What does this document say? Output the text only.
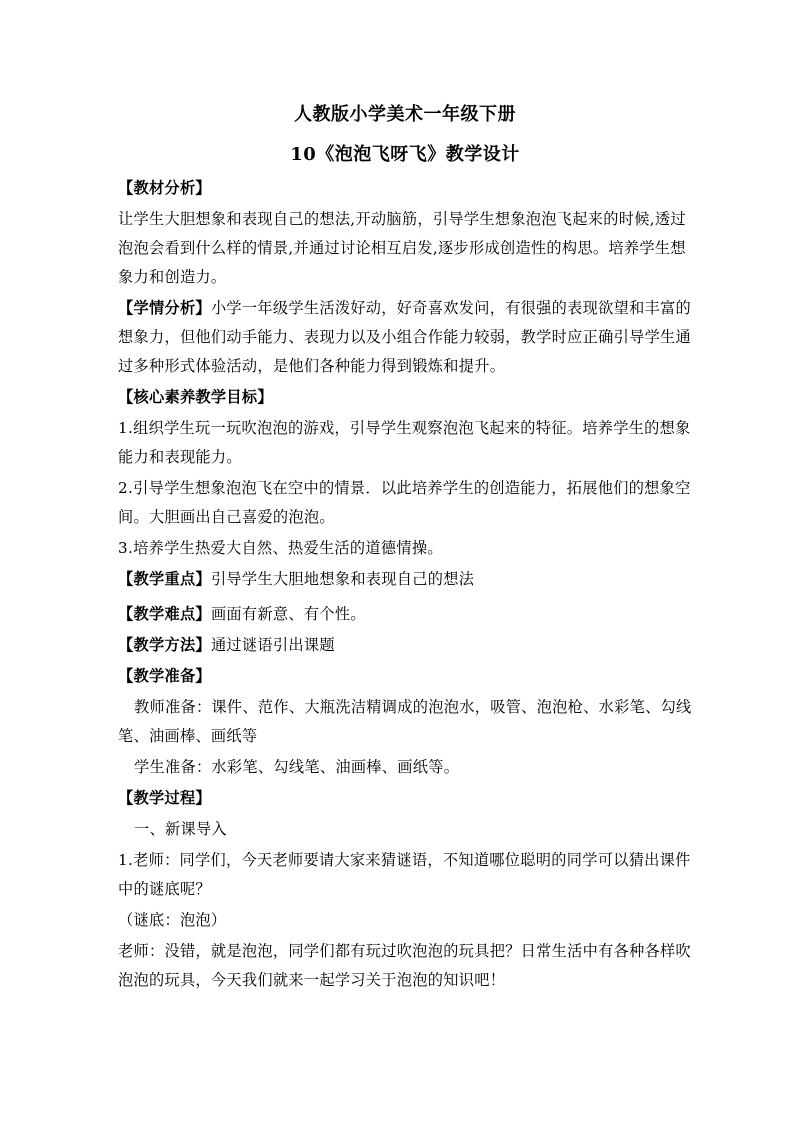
人教版小学美术一年级下册
10《泡泡飞呀飞》教学设计
【教材分析】
让学生大胆想象和表现自己的想法,开动脑筋，引导学生想象泡泡飞起来的时候,透过泡泡会看到什么样的情景,并通过讨论相互启发,逐步形成创造性的构思。培养学生想象力和创造力。
【学情分析】小学一年级学生活泼好动，好奇喜欢发问，有很强的表现欲望和丰富的想象力，但他们动手能力、表现力以及小组合作能力较弱，教学时应正确引导学生通过多种形式体验活动，是他们各种能力得到锻炼和提升。
【核心素养教学目标】
1.组织学生玩一玩吹泡泡的游戏，引导学生观察泡泡飞起来的特征。培养学生的想象能力和表现能力。
2.引导学生想象泡泡飞在空中的情景．以此培养学生的创造能力，拓展他们的想象空间。大胆画出自己喜爱的泡泡。
3.培养学生热爱大自然、热爱生活的道德情操。
【教学重点】引导学生大胆地想象和表现自己的想法
【教学难点】画面有新意、有个性。
【教学方法】通过谜语引出课题
【教学准备】
教师准备：课件、范作、大瓶洗洁精调成的泡泡水，吸管、泡泡枪、水彩笔、勾线笔、油画棒、画纸等
学生准备：水彩笔、勾线笔、油画棒、画纸等。
【教学过程】
一、新课导入
1.老师：同学们，今天老师要请大家来猜谜语，不知道哪位聪明的同学可以猜出课件中的谜底呢？
（谜底：泡泡）
老师：没错，就是泡泡，同学们都有玩过吹泡泡的玩具把？日常生活中有各种各样吹泡泡的玩具，今天我们就来一起学习关于泡泡的知识吧！
